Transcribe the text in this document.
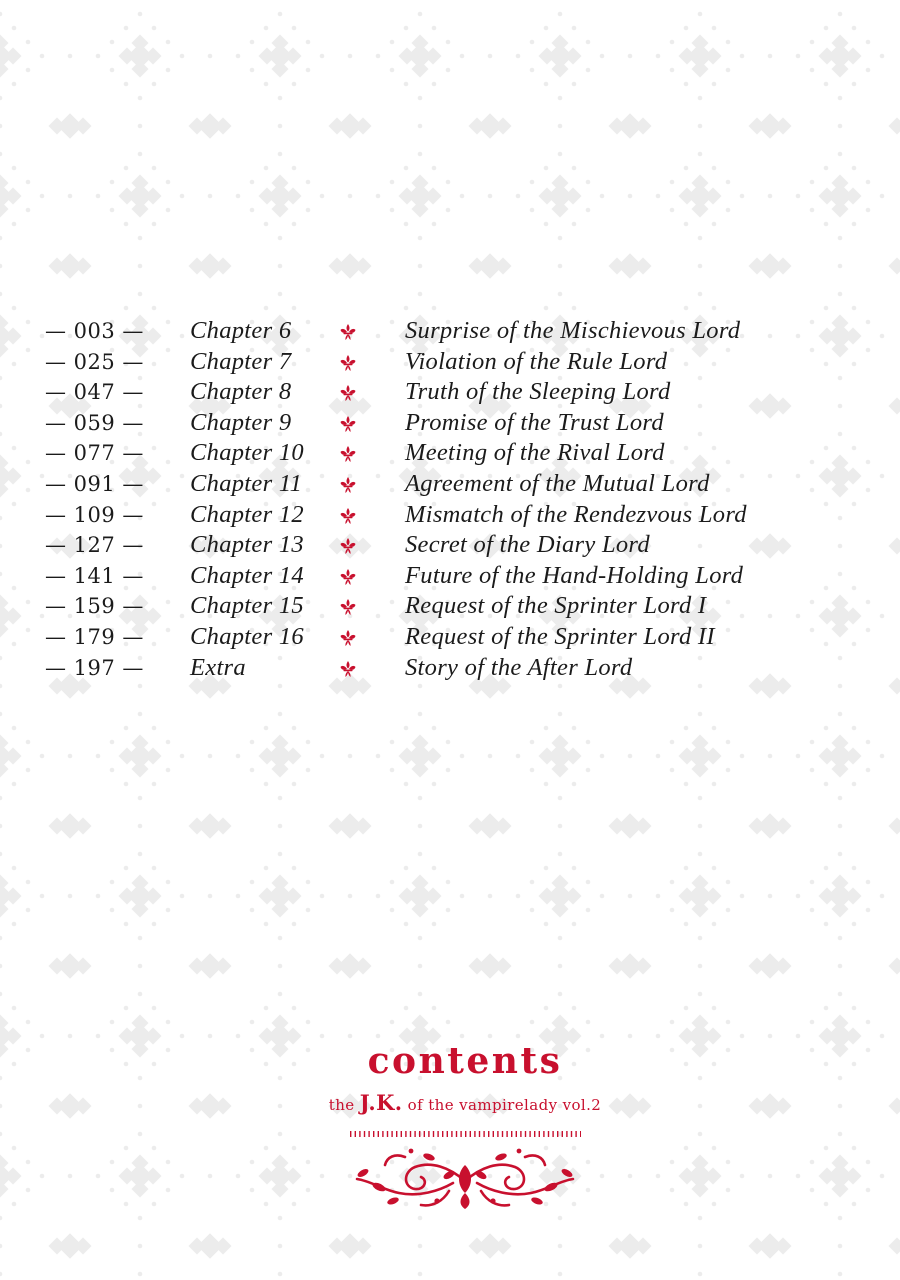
— 003 — Chapter 6	Surprise of the Mischievous Lord
— 025 — Chapter 7	Violation of the Rule Lord
— 047 — Chapter 8	Truth of the Sleeping Lord
— 059 — Chapter 9	Promise of the Trust Lord
— 077 — Chapter 10	Meeting of the Rival Lord
— 091 — Chapter 11	Agreement of the Mutual Lord
— 109 — Chapter 12	Mismatch of the Rendezvous Lord
— 127 — Chapter 13	Secret of the Diary Lord
— 141 — Chapter 14	Future of the Hand-Holding Lord
— 159 — Chapter 15	Request of the Sprinter Lord I
— 179 — Chapter 16	Request of the Sprinter Lord II
— 197 — Extra	Story of the After Lord
contents
the J.K. of the vampirelady vol.2
